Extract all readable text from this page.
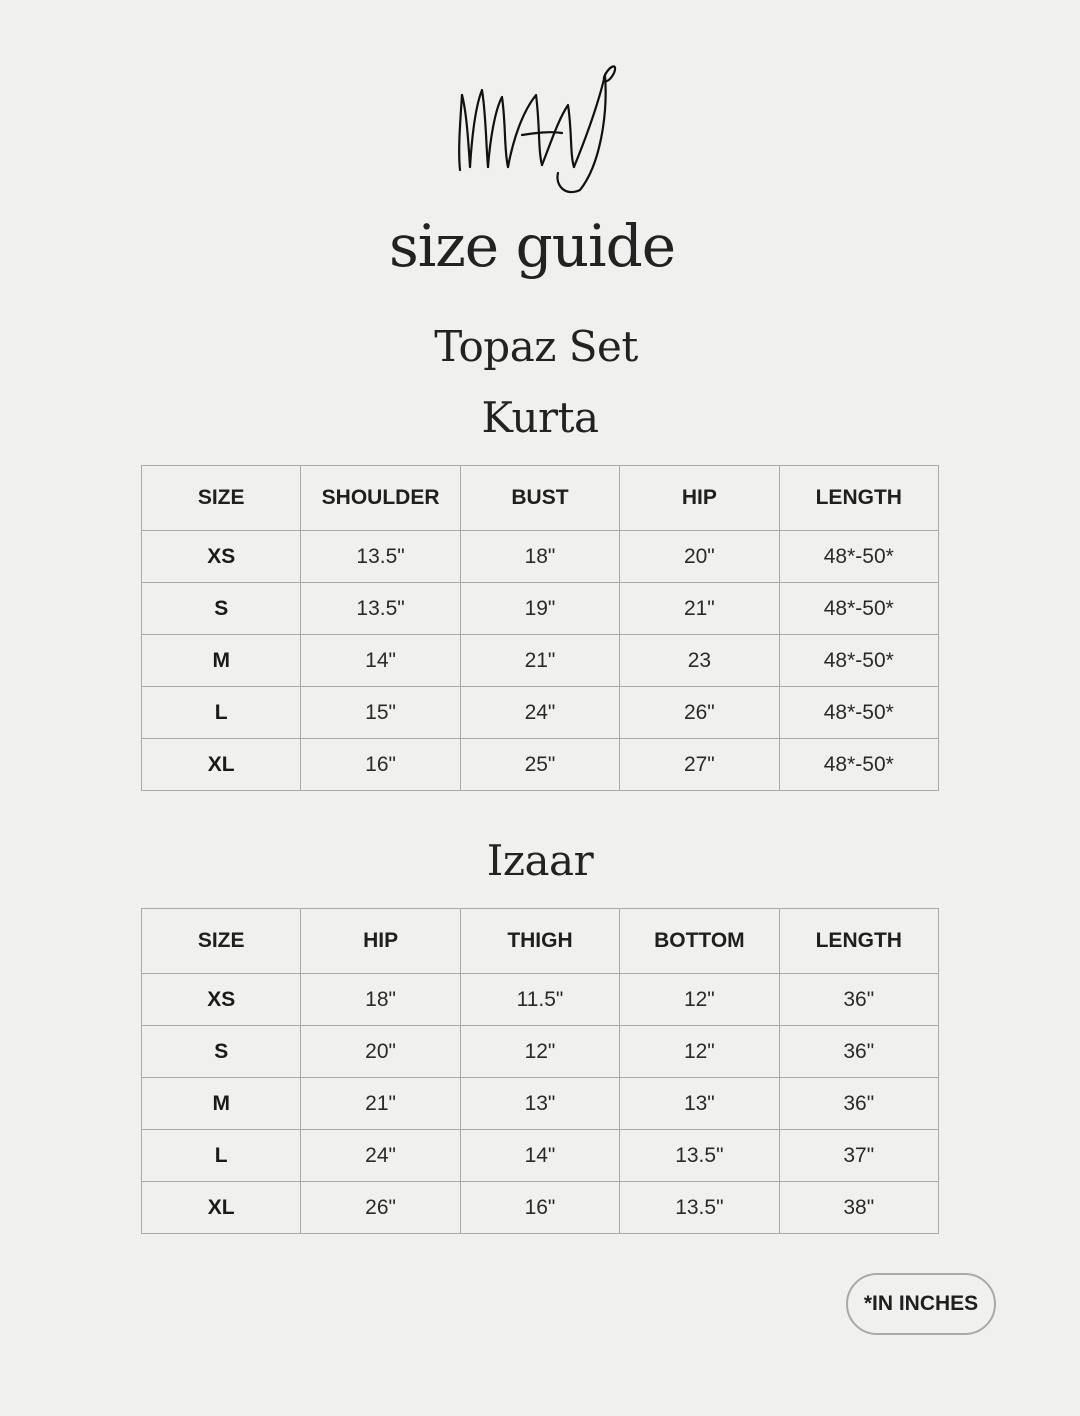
size guide
Topaz Set
Kurta
SIZE	SHOULDER	BUST	HIP	LENGTH
XS	13.5"	18"	20"	48*-50*
S	13.5"	19"	21"	48*-50*
M	14"	21"	23	48*-50*
L	15"	24"	26"	48*-50*
XL	16"	25"	27"	48*-50*
Izaar
SIZE	HIP	THIGH	BOTTOM	LENGTH
XS	18"	11.5"	12"	36"
S	20"	12"	12"	36"
M	21"	13"	13"	36"
L	24"	14"	13.5"	37"
XL	26"	16"	13.5"	38"
*IN INCHES
